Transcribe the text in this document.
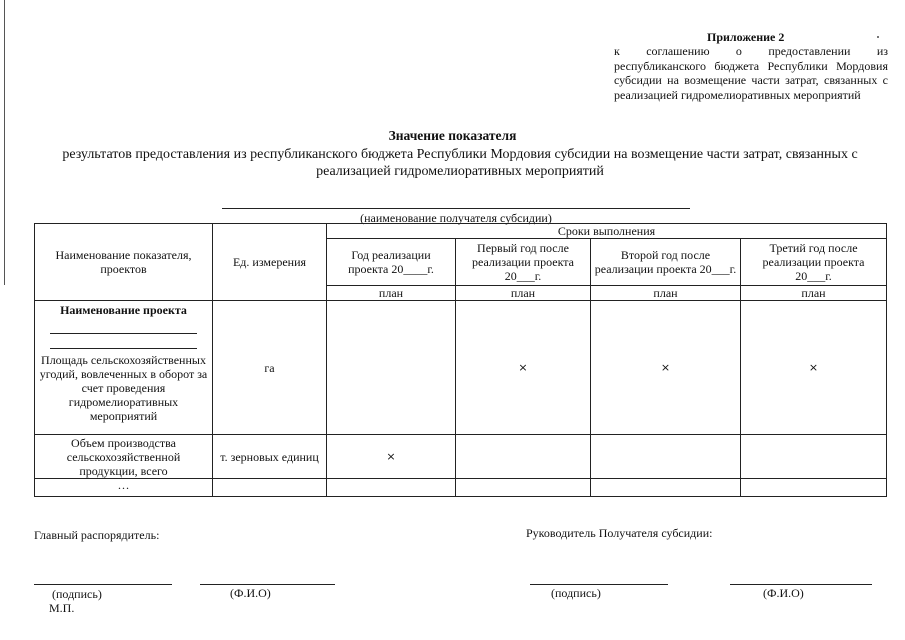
Приложение 2
к соглашению о предоставлении из республиканского бюджета Республики Мордовия субсидии на возмещение части затрат, связанных с реализацией гидромелиоративных мероприятий
Значение показателя
результатов предоставления из республиканского бюджета Республики Мордовия субсидии на возмещение части затрат, связанных с реализацией гидромелиоративных мероприятий
(наименование получателя субсидии)
Наименование показателя, проектов	Ед. измерения	Сроки выполнения			
		Год реализации проекта 20____г.	Первый год после реализации проекта 20___г.	Второй год после реализации проекта 20___г.	Третий год после реализации проекта 20___г.
		план	план	план	план

Наименование проекта
Площадь сельскохозяйственных угодий, вовлеченных в оборот за счет проведения гидромелиоративных мероприятий	га		×	×	×
Объем производства сельскохозяйственной продукции, всего	т. зерновых единиц	×			
…					
Главный распорядитель:	Руководитель Получателя субсидии:
(подпись)	(Ф.И.О)	(подпись)	(Ф.И.О)
М.П.
